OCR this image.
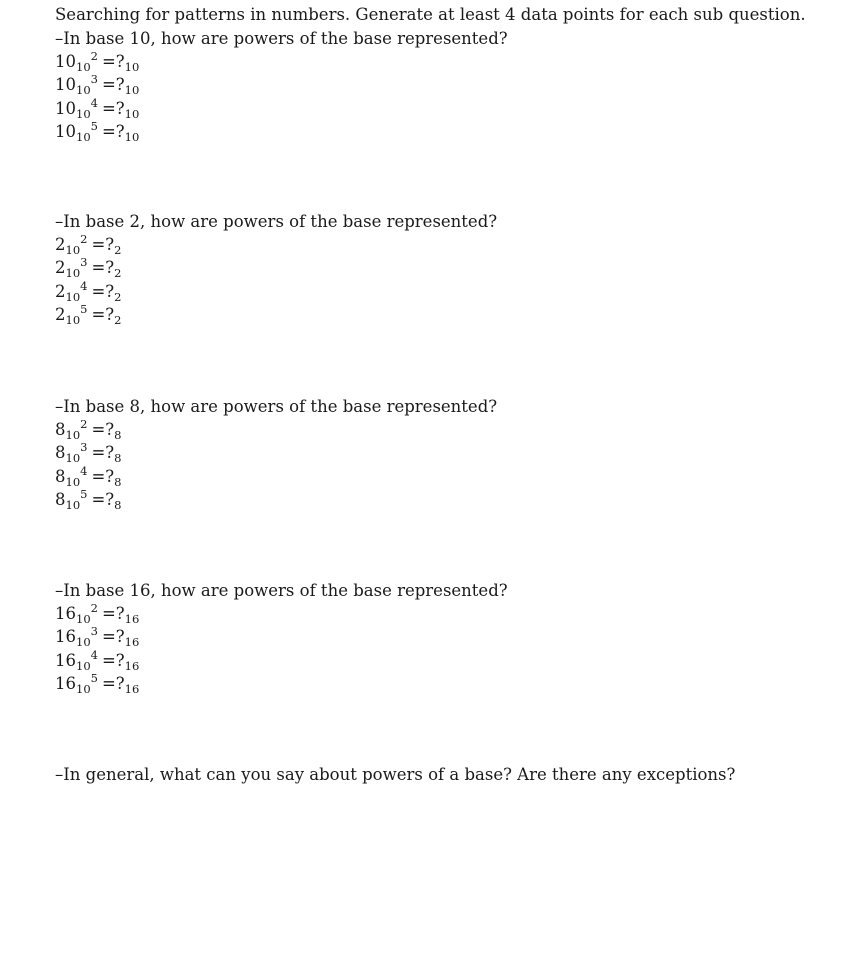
Searching for patterns in numbers. Generate at least 4 data points for each sub question.
–In base 10, how are powers of the base represented?
$10_{10}^2$ $=?_{10}$
$10_{10}^3$ $=?_{10}$
$10_{10}^4$ $=?_{10}$
$10_{10}^5$ $=?_{10}$
–In base 2, how are powers of the base represented?
$2_{10}^2$ $=?_2$
$2_{10}^3$ $=?_2$
$2_{10}^4$ $=?_2$
$2_{10}^5$ $=?_2$
–In base 8, how are powers of the base represented?
$8_{10}^2$ $=?_8$
$8_{10}^3$ $=?_8$
$8_{10}^4$ $=?_8$
$8_{10}^5$ $=?_8$
–In base 16, how are powers of the base represented?
$16_{10}^2$ $=?_{16}$
$16_{10}^3$ $=?_{16}$
$16_{10}^4$ $=?_{16}$
$16_{10}^5$ $=?_{16}$
–In general, what can you say about powers of a base? Are there any exceptions?
